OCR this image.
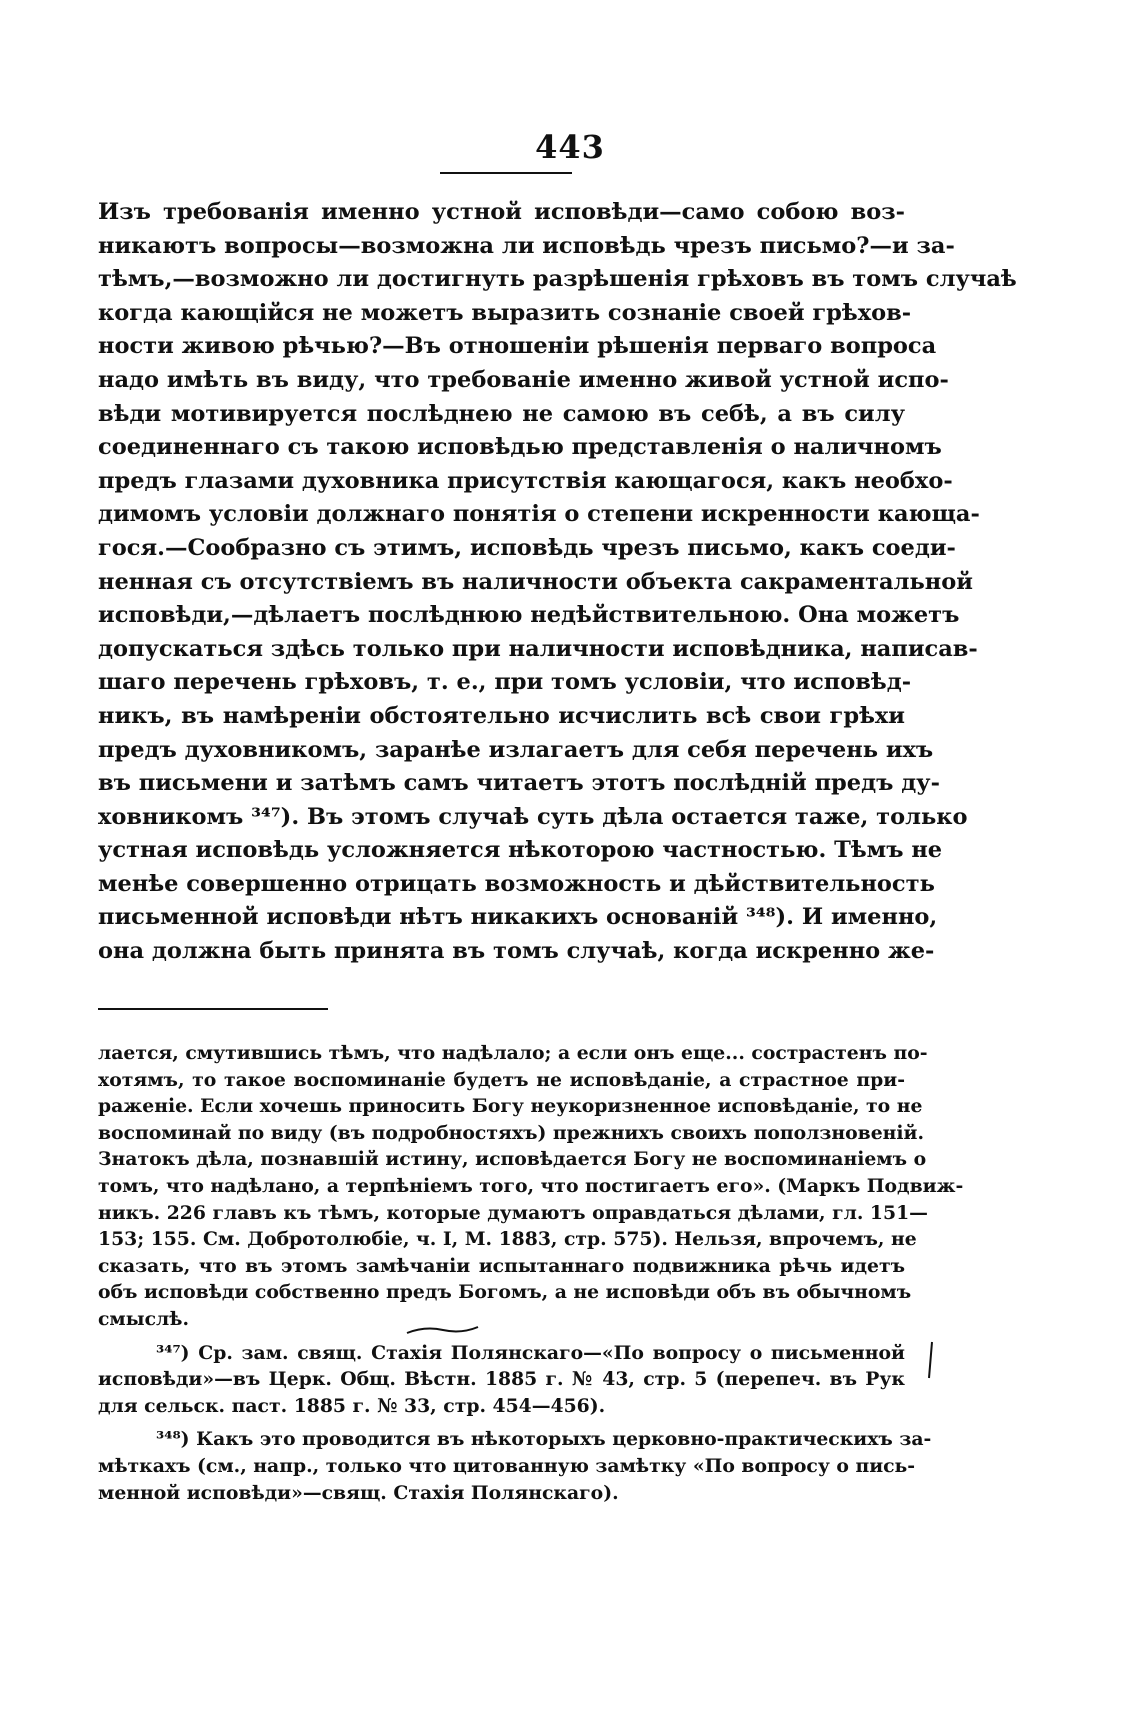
443
Изъ требованія именно устной исповѣди—само собою воз-
никаютъ вопросы—возможна ли исповѣдь чрезъ письмо?—и за-
тѣмъ,—возможно ли достигнуть разрѣшенія грѣховъ въ томъ случаѣ
когда кающійся не можетъ выразить сознаніе своей грѣхов-
ности живою рѣчью?—Въ отношеніи рѣшенія перваго вопроса
надо имѣть въ виду, что требованіе именно живой устной испо-
вѣди мотивируется послѣднею не самою въ себѣ, а въ силу
соединеннаго съ такою исповѣдью представленія о наличномъ
предъ глазами духовника присутствія кающагося, какъ необхо-
димомъ условіи должнаго понятія о степени искренности кающа-
гося.—Сообразно съ этимъ, исповѣдь чрезъ письмо, какъ соеди-
ненная съ отсутствіемъ въ наличности объекта сакраментальной
исповѣди,—дѣлаетъ послѣднюю недѣйствительною. Она можетъ
допускаться здѣсь только при наличности исповѣдника, написав-
шаго перечень грѣховъ, т. е., при томъ условіи, что исповѣд-
никъ, въ намѣреніи обстоятельно исчислить всѣ свои грѣхи
предъ духовникомъ, заранѣе излагаетъ для себя перечень ихъ
въ письмени и затѣмъ самъ читаетъ этотъ послѣдній предъ ду-
ховникомъ ³⁴⁷). Въ этомъ случаѣ суть дѣла остается таже, только
устная исповѣдь усложняется нѣкоторою частностью. Тѣмъ не
менѣе совершенно отрицать возможность и дѣйствительность
письменной исповѣди нѣтъ никакихъ основаній ³⁴⁸). И именно,
она должна быть принята въ томъ случаѣ, когда искренно же-
лается, смутившись тѣмъ, что надѣлало; а если онъ еще... сострастенъ по-
хотямъ, то такое воспоминаніе будетъ не исповѣданіе, а страстное при-
раженіе. Если хочешь приносить Богу неукоризненное исповѣданіе, то не
воспоминай по виду (въ подробностяхъ) прежнихъ своихъ поползновеній.
Знатокъ дѣла, познавшій истину, исповѣдается Богу не воспоминаніемъ о
томъ, что надѣлано, а терпѣніемъ того, что постигаетъ его». (Маркъ Подвиж-
никъ. 226 главъ къ тѣмъ, которые думаютъ оправдаться дѣлами, гл. 151—
153; 155. См. Добротолюбіе, ч. I, М. 1883, стр. 575). Нельзя, впрочемъ, не
сказать, что въ этомъ замѣчаніи испытаннаго подвижника рѣчь идетъ
объ исповѣди собственно предъ Богомъ, а не исповѣди объ въ обычномъ
смыслѣ.
³⁴⁷) Ср. зам. свящ. Стахія Полянскаго—«По вопросу о письменной
исповѣди»—въ Церк. Общ. Вѣстн. 1885 г. № 43, стр. 5 (перепеч. въ Рук
для сельск. паст. 1885 г. № 33, стр. 454—456).
³⁴⁸) Какъ это проводится въ нѣкоторыхъ церковно-практическихъ за-
мѣткахъ (см., напр., только что цитованную замѣтку «По вопросу о пись-
менной исповѣди»—свящ. Стахія Полянскаго).
